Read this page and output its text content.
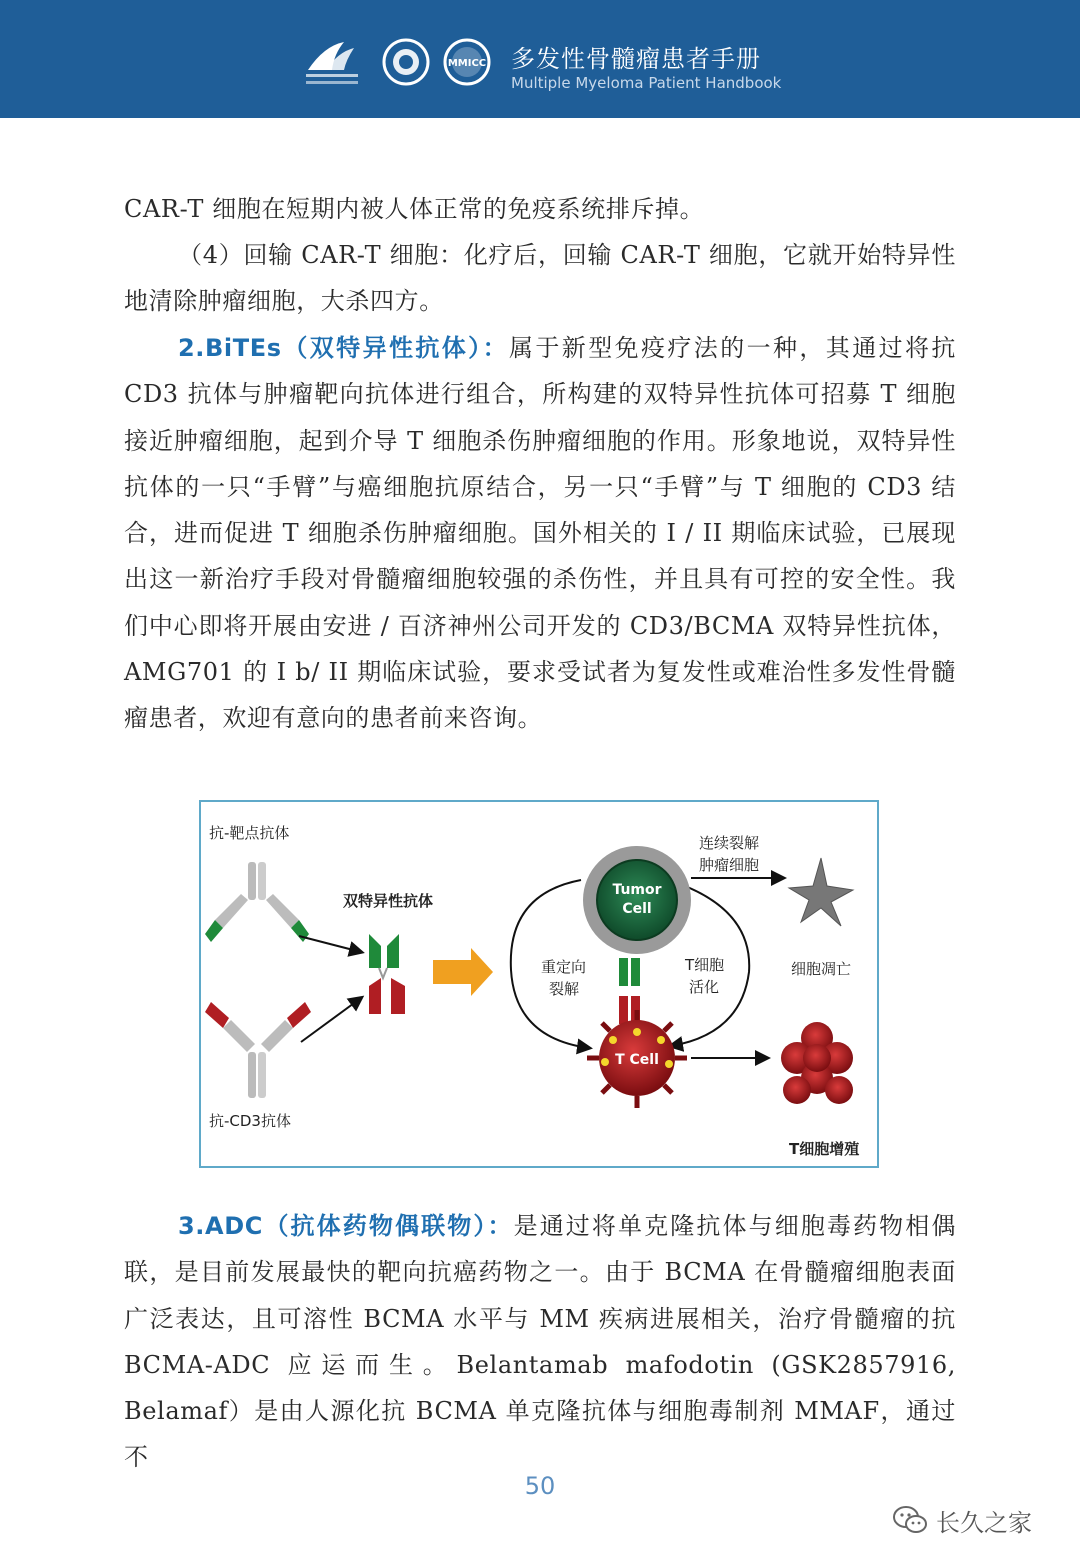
MMICC 多发性骨髓瘤患者手册
Multiple Myeloma Patient Handbook
CAR-T 细胞在短期内被人体正常的免疫系统排斥掉。
（4）回输 CAR-T 细胞：化疗后，回输 CAR-T 细胞，它就开始特异性地清除肿瘤细胞，大杀四方。
2.BiTEs（双特异性抗体）：属于新型免疫疗法的一种，其通过将抗 CD3 抗体与肿瘤靶向抗体进行组合，所构建的双特异性抗体可招募 T 细胞接近肿瘤细胞，起到介导 T 细胞杀伤肿瘤细胞的作用。形象地说，双特异性抗体的一只“手臂”与癌细胞抗原结合，另一只“手臂”与 T 细胞的 CD3 结合，进而促进 T 细胞杀伤肿瘤细胞。国外相关的 I / II 期临床试验，已展现出这一新治疗手段对骨髓瘤细胞较强的杀伤性，并且具有可控的安全性。我们中心即将开展由安进 / 百济神州公司开发的 CD3/BCMA 双特异性抗体，AMG701 的 I b/ II 期临床试验，要求受试者为复发性或难治性多发性骨髓瘤患者，欢迎有意向的患者前来咨询。
抗-靶点抗体
抗-CD3抗体
双特异性抗体
Tumor
Cell
T Cell
重定向
裂解
T细胞
活化
连续裂解
肿瘤细胞
细胞凋亡
T细胞增殖
3.ADC（抗体药物偶联物）：是通过将单克隆抗体与细胞毒药物相偶联，是目前发展最快的靶向抗癌药物之一。由于 BCMA 在骨髓瘤细胞表面广泛表达，且可溶性 BCMA 水平与 MM 疾病进展相关，治疗骨髓瘤的抗 BCMA-ADC 应运而生。Belantamab mafodotin (GSK2857916, Belamaf）是由人源化抗 BCMA 单克隆抗体与细胞毒制剂 MMAF，通过不
50
长久之家
